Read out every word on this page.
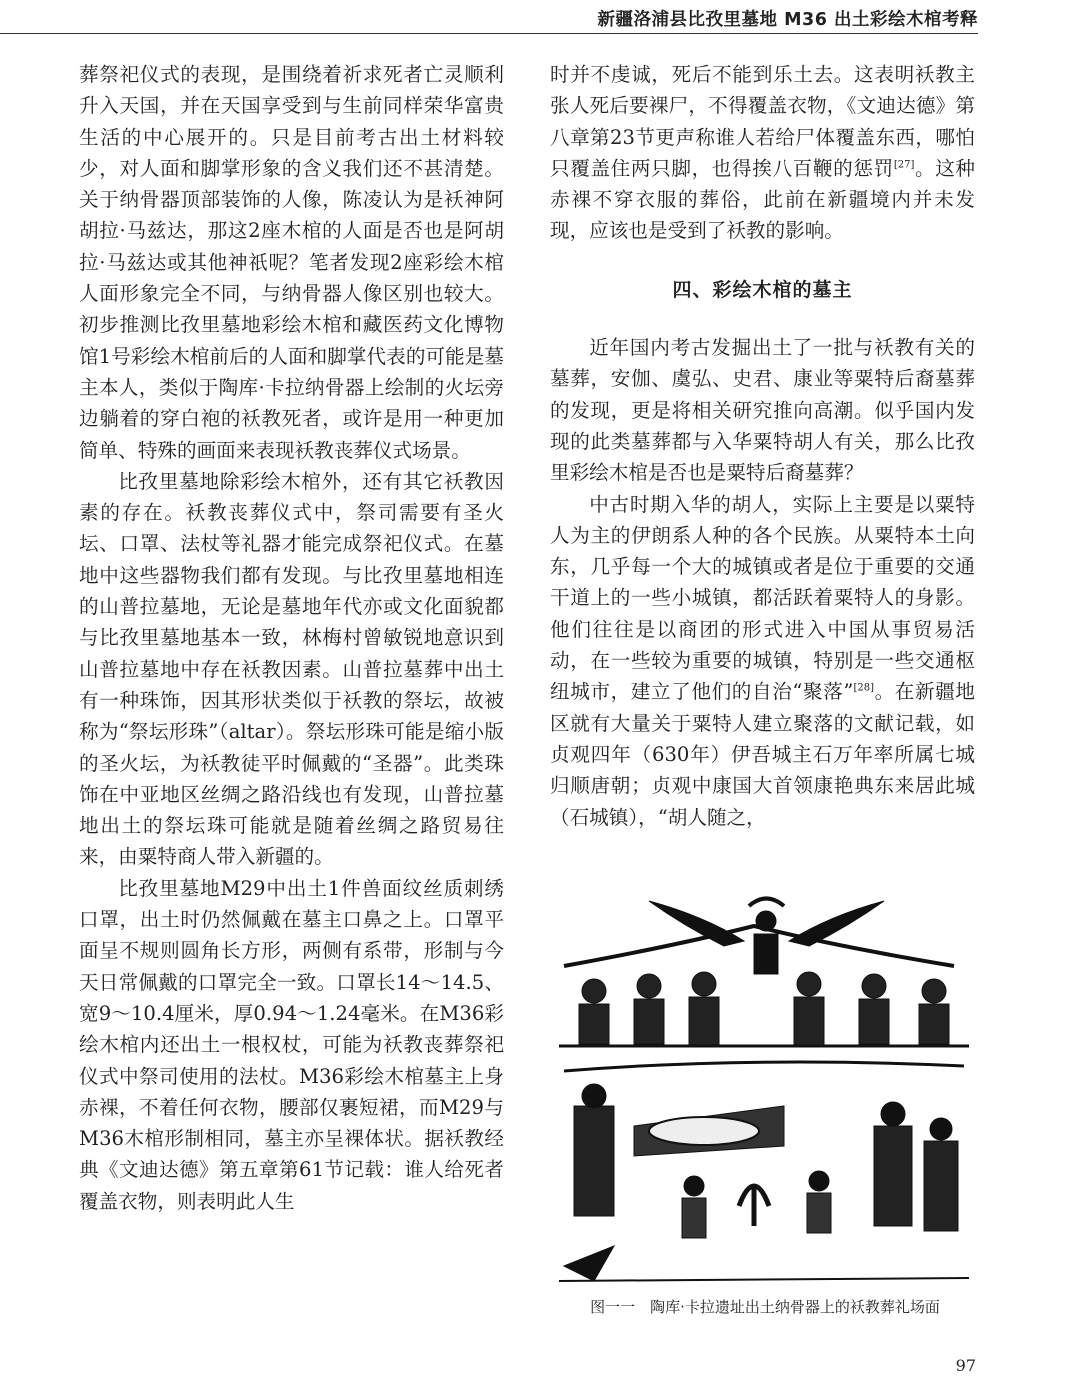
新疆洛浦县比孜里墓地 M36 出土彩绘木棺考释

葬祭祀仪式的表现，是围绕着祈求死者亡灵顺利升入天国，并在天国享受到与生前同样荣华富贵生活的中心展开的。只是目前考古出土材料较少，对人面和脚掌形象的含义我们还不甚清楚。关于纳骨器顶部装饰的人像，陈凌认为是袄神阿胡拉·马兹达，那这2座木棺的人面是否也是阿胡拉·马兹达或其他神祇呢？笔者发现2座彩绘木棺人面形象完全不同，与纳骨器人像区别也较大。初步推测比孜里墓地彩绘木棺和藏医药文化博物馆1号彩绘木棺前后的人面和脚掌代表的可能是墓主本人，类似于陶库·卡拉纳骨器上绘制的火坛旁边躺着的穿白袍的袄教死者，或许是用一种更加简单、特殊的画面来表现袄教丧葬仪式场景。

比孜里墓地除彩绘木棺外，还有其它袄教因素的存在。袄教丧葬仪式中，祭司需要有圣火坛、口罩、法杖等礼器才能完成祭祀仪式。在墓地中这些器物我们都有发现。与比孜里墓地相连的山普拉墓地，无论是墓地年代亦或文化面貌都与比孜里墓地基本一致，林梅村曾敏锐地意识到山普拉墓地中存在袄教因素。山普拉墓葬中出土有一种珠饰，因其形状类似于袄教的祭坛，故被称为“祭坛形珠”（altar）。祭坛形珠可能是缩小版的圣火坛，为袄教徒平时佩戴的“圣器”。此类珠饰在中亚地区丝绸之路沿线也有发现，山普拉墓地出土的祭坛珠可能就是随着丝绸之路贸易往来，由粟特商人带入新疆的。

比孜里墓地M29中出土1件兽面纹丝质刺绣口罩，出土时仍然佩戴在墓主口鼻之上。口罩平面呈不规则圆角长方形，两侧有系带，形制与今天日常佩戴的口罩完全一致。口罩长14～14.5、宽9～10.4厘米，厚0.94～1.24毫米。在M36彩绘木棺内还出土一根权杖，可能为袄教丧葬祭祀仪式中祭司使用的法杖。M36彩绘木棺墓主上身赤裸，不着任何衣物，腰部仅裹短裙，而M29与M36木棺形制相同，墓主亦呈裸体状。据袄教经典《文迪达德》第五章第61节记载：谁人给死者覆盖衣物，则表明此人生

时并不虔诚，死后不能到乐土去。这表明袄教主张人死后要裸尸，不得覆盖衣物，《文迪达德》第八章第23节更声称谁人若给尸体覆盖东西，哪怕只覆盖住两只脚，也得挨八百鞭的惩罚[27]。这种赤裸不穿衣服的葬俗，此前在新疆境内并未发现，应该也是受到了袄教的影响。

四、彩绘木棺的墓主

近年国内考古发掘出土了一批与袄教有关的墓葬，安伽、虞弘、史君、康业等粟特后裔墓葬的发现，更是将相关研究推向高潮。似乎国内发现的此类墓葬都与入华粟特胡人有关，那么比孜里彩绘木棺是否也是粟特后裔墓葬？

中古时期入华的胡人，实际上主要是以粟特人为主的伊朗系人种的各个民族。从粟特本土向东，几乎每一个大的城镇或者是位于重要的交通干道上的一些小城镇，都活跃着粟特人的身影。他们往往是以商团的形式进入中国从事贸易活动，在一些较为重要的城镇，特别是一些交通枢纽城市，建立了他们的自治“聚落”[28]。在新疆地区就有大量关于粟特人建立聚落的文献记载，如贞观四年（630年）伊吾城主石万年率所属七城归顺唐朝；贞观中康国大首领康艳典东来居此城（石城镇），“胡人随之，

图一一　陶库·卡拉遗址出土纳骨器上的袄教葬礼场面
97
